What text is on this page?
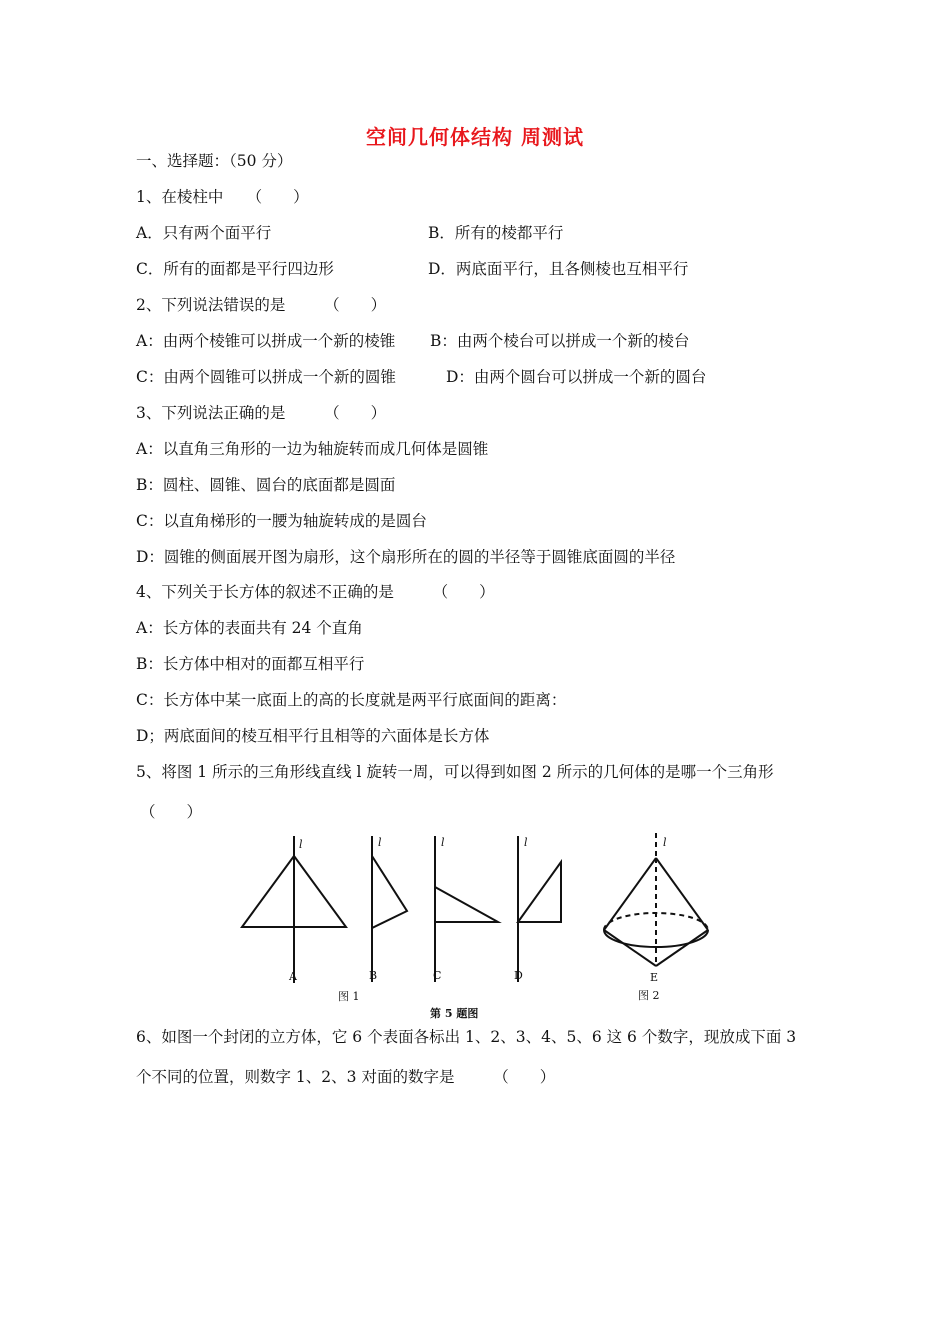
空间几何体结构 周测试
一、选择题：（50 分）
1、在棱柱中　　（　　）
A．只有两个面平行	B．所有的棱都平行
C．所有的面都是平行四边形	D．两底面平行，且各侧棱也互相平行
2、下列说法错误的是　　　（　　）
A：由两个棱锥可以拼成一个新的棱锥 B：由两个棱台可以拼成一个新的棱台
C：由两个圆锥可以拼成一个新的圆锥	D：由两个圆台可以拼成一个新的圆台
3、下列说法正确的是　　　（　　）
A：以直角三角形的一边为轴旋转而成几何体是圆锥
B：圆柱、圆锥、圆台的底面都是圆面
C：以直角梯形的一腰为轴旋转成的是圆台
D：圆锥的侧面展开图为扇形，这个扇形所在的圆的半径等于圆锥底面圆的半径
4、下列关于长方体的叙述不正确的是　　　（　　）
A：长方体的表面共有 24 个直角
B：长方体中相对的面都互相平行
C：长方体中某一底面上的高的长度就是两平行底面间的距离：
D；两底面间的棱互相平行且相等的六面体是长方体
5、将图 1 所示的三角形线直线 l 旋转一周，可以得到如图 2 所示的几何体的是哪一个三角形
（　　）
l	l	l	l	l
A	B	C	D	E
图 1	图 2
第 5 题图
6、如图一个封闭的立方体，它 6 个表面各标出 1、2、3、4、5、6 这 6 个数字，现放成下面 3
个不同的位置，则数字 1、2、3 对面的数字是　　　（　　）
